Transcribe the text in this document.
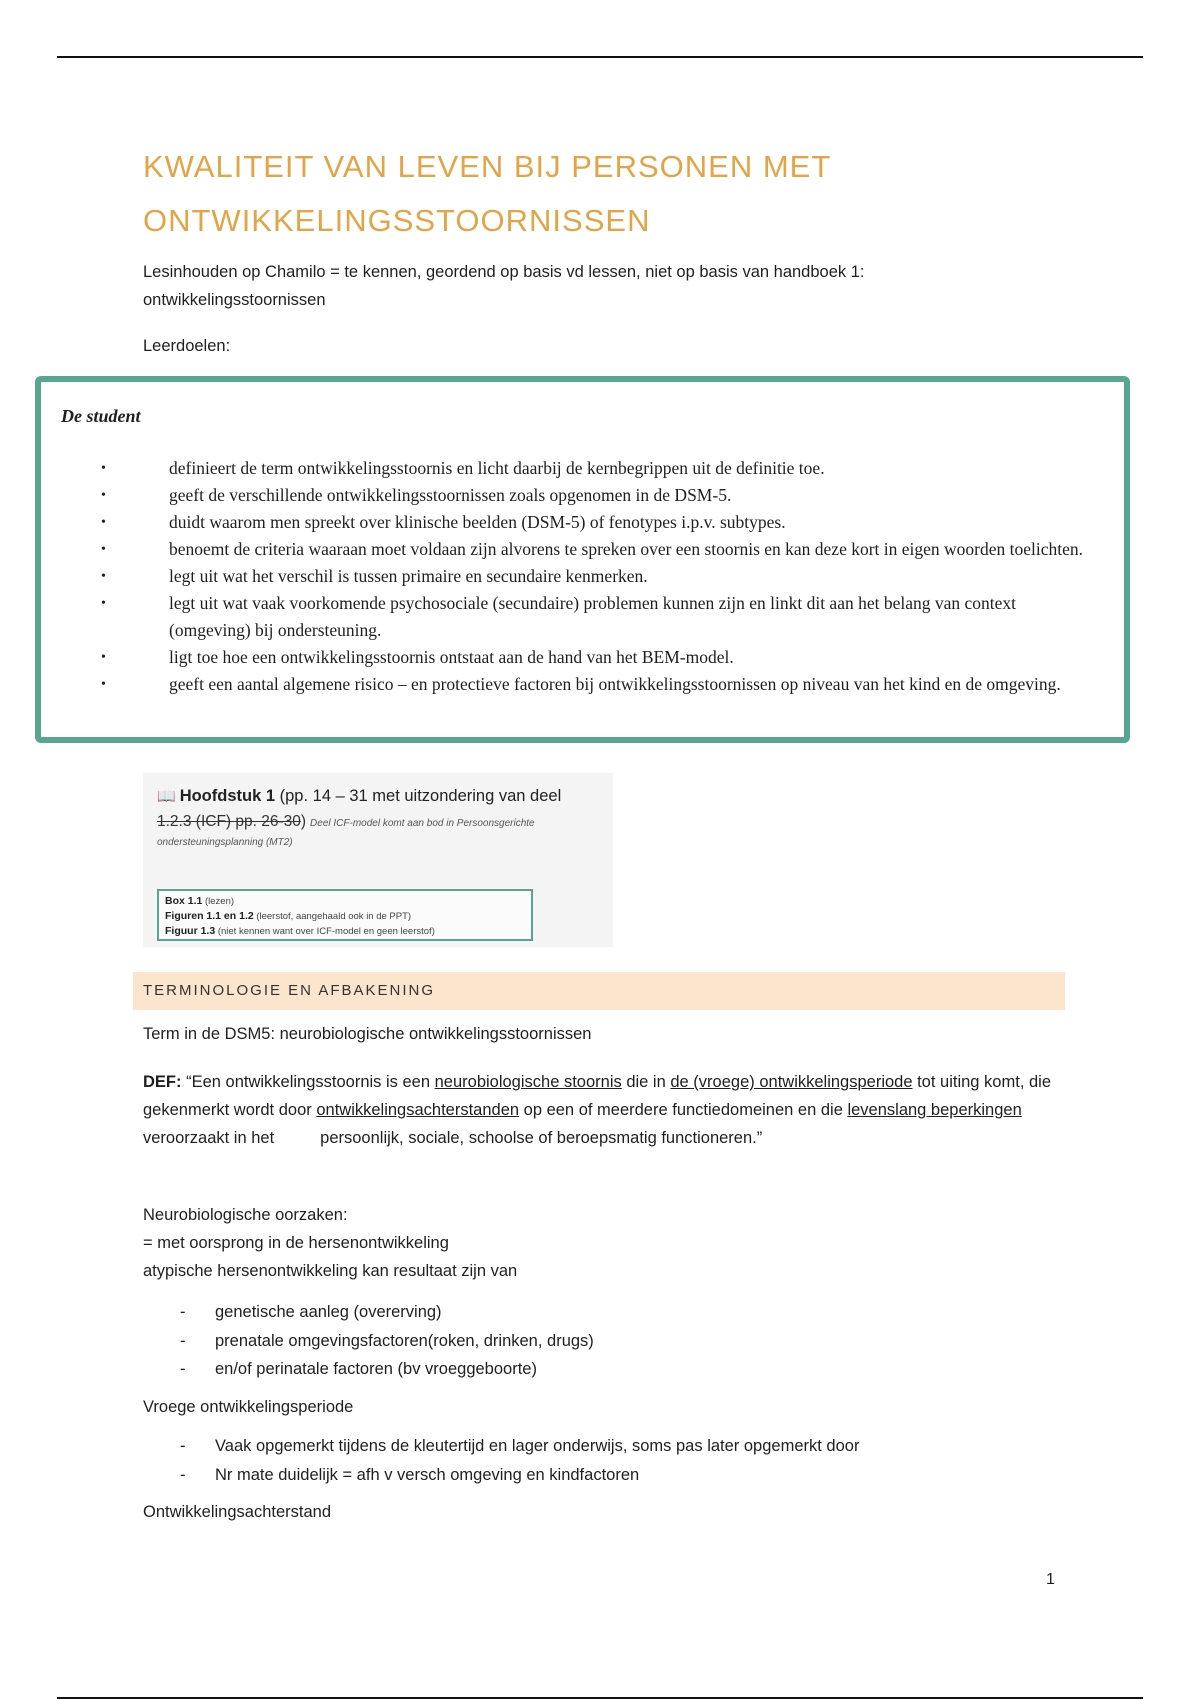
KWALITEIT VAN LEVEN BIJ PERSONEN MET
ONTWIKKELINGSSTOORNISSEN
Lesinhouden op Chamilo = te kennen, geordend op basis vd lessen, niet op basis van handboek 1:
ontwikkelingsstoornissen
Leerdoelen:
De student
•	definieert de term ontwikkelingsstoornis en licht daarbij de kernbegrippen uit de definitie toe.
•	geeft de verschillende ontwikkelingsstoornissen zoals opgenomen in de DSM-5.
•	duidt waarom men spreekt over klinische beelden (DSM-5) of fenotypes i.p.v. subtypes.
•	benoemt de criteria waaraan moet voldaan zijn alvorens te spreken over een stoornis en kan deze kort in eigen woorden toelichten.
•	legt uit wat het verschil is tussen primaire en secundaire kenmerken.
•	legt uit wat vaak voorkomende psychosociale (secundaire) problemen kunnen zijn en linkt dit aan het belang van context (omgeving) bij ondersteuning.
•	ligt toe hoe een ontwikkelingsstoornis ontstaat aan de hand van het BEM-model.
•	geeft een aantal algemene risico – en protectieve factoren bij ontwikkelingsstoornissen op niveau van het kind en de omgeving.
📖 Hoofdstuk 1 (pp. 14 – 31 met uitzondering van deel
1.2.3 (ICF) pp. 26-30) Deel ICF-model komt aan bod in Persoonsgerichte
ondersteuningsplanning (MT2)
Box 1.1 (lezen)
Figuren 1.1 en 1.2 (leerstof, aangehaald ook in de PPT)
Figuur 1.3 (niet kennen want over ICF-model en geen leerstof)
TERMINOLOGIE EN AFBAKENING
Term in de DSM5: neurobiologische ontwikkelingsstoornissen
DEF: “Een ontwikkelingsstoornis is een neurobiologische stoornis die in de (vroege) ontwikkelingsperiode tot uiting komt, die gekenmerkt wordt door ontwikkelingsachterstanden op een of meerdere functiedomeinen en die levenslang beperkingen veroorzaakt in het	persoonlijk, sociale, schoolse of beroepsmatig functioneren.”
Neurobiologische oorzaken:
= met oorsprong in de hersenontwikkeling
atypische hersenontwikkeling kan resultaat zijn van
- genetische aanleg (overerving)
- prenatale omgevingsfactoren(roken, drinken, drugs)
- en/of perinatale factoren (bv vroeggeboorte)
Vroege ontwikkelingsperiode
- Vaak opgemerkt tijdens de kleutertijd en lager onderwijs, soms pas later opgemerkt door
- Nr mate duidelijk = afh v versch omgeving en kindfactoren
Ontwikkelingsachterstand
1
